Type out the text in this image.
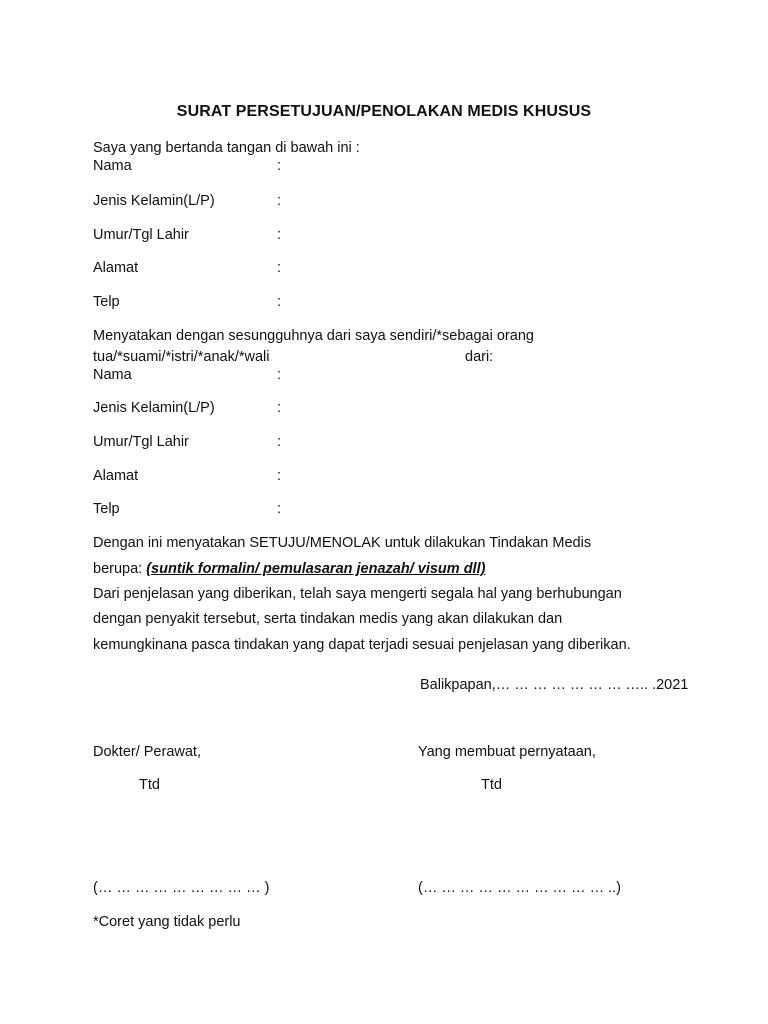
SURAT PERSETUJUAN/PENOLAKAN MEDIS KHUSUS
Saya yang bertanda tangan di bawah ini :
Nama	:
Jenis Kelamin(L/P)	:
Umur/Tgl Lahir	:
Alamat	:
Telp	:
Menyatakan dengan sesungguhnya dari saya sendiri/*sebagai orang
tua/*suami/*istri/*anak/*wali	dari:
Nama	:
Jenis Kelamin(L/P)	:
Umur/Tgl Lahir	:
Alamat	:
Telp	:
Dengan ini menyatakan SETUJU/MENOLAK untuk dilakukan Tindakan Medis
berupa: (suntik formalin/ pemulasaran jenazah/ visum dll)
Dari penjelasan yang diberikan, telah saya mengerti segala hal yang berhubungan
dengan penyakit tersebut, serta tindakan medis yang akan dilakukan dan
kemungkinana pasca tindakan yang dapat terjadi sesuai penjelasan yang diberikan.
Balikpapan,… … … … … … … ….. .2021
Dokter/ Perawat,	Yang membuat pernyataan,
Ttd	Ttd
(… … … … … … … … … )	(… … … … … … … … … … ..)
*Coret yang tidak perlu
